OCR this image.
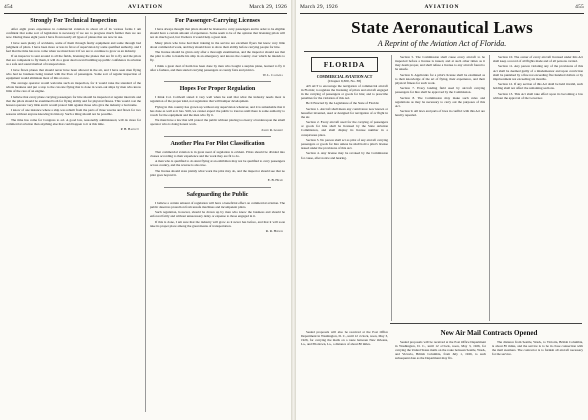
454	AVIATION	March 29, 1926
Strongly For Technical Inspection

After eight years experience in commercial aviation in about all of its various forms I am confident that some sort of legislation is necessary if we are to progress much further than we are now. During these eight years I have flown nearly all types of planes that are now in use.

I have seen plenty of accidents, some of them through faulty equipment and some through bad judgment of pilots. I have been more or less in favor of supervision by some qualified authority, and I feel that the time has now come when we must have it if we are to continue to grow as an industry.

If an inspector is sent around to all the fields, licensing the planes that are fit to fly and the pilots that are competent to fly them, it will do a great deal toward building up public confidence in aviation as a safe and sound method of transportation.

I have flown planes that should never have been allowed in the air, and I have seen men flying who had no business being trusted with the lives of passengers. Some sort of regular inspection of equipment would eliminate most of this at once.

The average operator would welcome such an inspection, for it would raise the standard of the whole business and put a stop to the cut-rate flying that is done in worn-out ships by men who know little of the care of an engine.

I believe that every plane carrying passengers for hire should be inspected at regular intervals and that the pilots should be examined both for flying ability and for physical fitness. This would cost the honest operator very little and it would protect him against those who give the industry a bad name.

I know of one instance where a ship was rebuilt from the parts of three wrecks and flown for two seasons without anyone knowing its history. Such a thing should not be possible.

The time has come for Congress to act. A good law, reasonably administered, will do more for commercial aviation than anything else that could happen to it at this time.

P. H. Bartlett
For Passenger-Carrying Licenses

I have always thought that pilots should be licensed to carry passengers and in order to be eligible should have a certain amount of experience. Some seem to be of the opinion that licensing pilots will not do much good, but I believe it would help a great deal.

Many pilots who have had their training in the service are excellent flyers but know very little about commercial work, and they should have to show their ability before carrying people for hire.

The license should be given only after a thorough examination, and the inspector should see that the pilot is able to handle his ship in an emergency and knows the country over which he intends to fly.

I think a great deal of harm has been done by men who bought a surplus plane, learned to fly it after a fashion, and then started carrying passengers at county fairs and picnics.

W. L. Caldwell
Hopes For Proper Regulation

I think Col. Coldwell stated it very well when he said that what the industry needs most is regulation of the proper kind, not regulation that will hamper development.

Flying in this country has grown up without any supervision whatever, and it is remarkable that it has done as well as it has. Still, we cannot expect the public to trust us until there is some authority to vouch for the equipment and the men who fly it.

We must have a law that will protect the public without placing too heavy a burden upon the small operator who is doing honest work.

Joseph R. Gilbert
Another Plea For Pilot Classification

That commercial aviation is in great need of regulation is evident. Pilots should be divided into classes according to their experience and the work they are fit to do.

A man who is qualified to do stunt flying at an exhibition may not be qualified to carry passengers across country, and the reverse is also true.

The license should state plainly what work the pilot may do, and the inspector should see that no pilot goes beyond it.

E. B. Heath
Safeguarding the Public

I believe a certain amount of regulation will have a beneficial effect on commercial aviation. The public deserves protection from unsafe machines and incompetent pilots.

Such regulation, however, should be drawn up by men who know the business and should be enforced fairly and without unnecessary delay or expense to those engaged in it.

If this is done, I am sure that the industry will grow as it never has before, and that it will soon take its proper place among the great means of transportation.

R. R. Hudson
March 29, 1926	AVIATION	455
State Aeronautical Laws
A Reprint of the Aviation Act of Florida.
FLORIDA

COMMERCIAL AVIATION ACT

(Chapter 9,300, No. 38)

AN ACT to encourage the navigation of commercial aircraft in Florida; to regulate the licensing of pilots and aircraft engaged in the carrying of passengers or goods for hire; and to prescribe penalties for the violation of this Act.

Be It Enacted by the Legislature of the State of Florida:

Section 1. Aircraft shall mean any contrivance now known or hereafter invented, used or designed for navigation of or flight in the air.

Section 2. Every aircraft used for the carrying of passengers or goods for hire shall be licensed by the State Aviation Commission, and shall display its license number in a conspicuous place.

Section 3. No person shall act as pilot of any aircraft carrying passengers or goods for hire unless he shall hold a pilot's license issued under the provisions of this Act.

Section 4. Any license may be revoked by the Commission for cause, after notice and hearing.

Section 5. The Commission shall cause every aircraft to be inspected before a license is issued, and at such other times as it may deem proper, and shall refuse a license to any aircraft found to be unsafe.

Section 6. Applicants for a pilot's license shall be examined as to their knowledge of the art of flying, their experience, and their physical fitness for such work.

Section 7. Every landing field used by aircraft carrying passengers for hire shall be approved by the Commission.

Section 8. The Commission may make such rules and regulations as may be necessary to carry out the purposes of this Act.

Section 9. All laws and parts of laws in conflict with this Act are hereby repealed.

Section 10. The owner of every aircraft licensed under this Act shall keep a record of all flights made and of all persons carried.

Section 11. Any person violating any of the provisions of this Act shall be deemed guilty of a misdemeanor and upon conviction shall be punished by a fine not exceeding five hundred dollars or by imprisonment not exceeding six months.

Section 12. If any section of this Act shall be held invalid, such holding shall not affect the remaining sections.

Section 13. This Act shall take effect upon its becoming a law without the approval of the Governor.

New Air Mail Contracts Opened

Sealed proposals will be received at the Post Office Department in Washington, D. C., until 12 o'clock, noon, May 3, 1926, for carrying the United States mails on the route between Seattle, Wash., and Victoria, British Columbia, from July 1, 1926, to such subsequent date as the Department may fix.

The distance from Seattle, Wash., to Victoria, British Columbia, is about 85 miles, and the service is to be in close connection with the mail steamers. The contractor is to furnish all aircraft necessary for the service.

Sealed proposals will also be received at the Post Office Department in Washington, D. C., until 12 o'clock, noon, May 3, 1926, for carrying the mails on a route between New Orleans, La., and Pilottown, La., a distance of about 80 miles.
